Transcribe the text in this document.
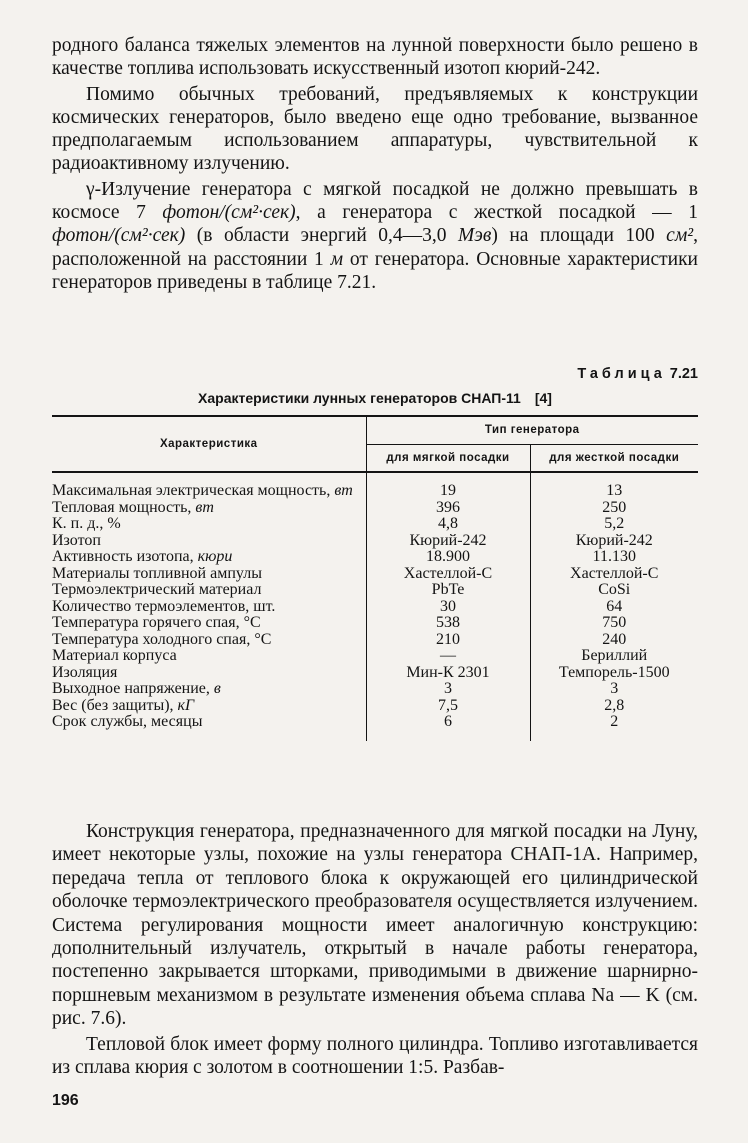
родного баланса тяжелых элементов на лунной поверхности было решено в качестве топлива использовать искусственный изотоп кюрий-242.

Помимо обычных требований, предъявляемых к конструкции космических генераторов, было введено еще одно требование, вызванное предполагаемым использованием аппаратуры, чувствительной к радиоактивному излучению.

γ-Излучение генератора с мягкой посадкой не должно превышать в космосе 7 фотон/(см²·сек), а генератора с жесткой посадкой — 1 фотон/(см²·сек) (в области энергий 0,4—3,0 Мэв) на площади 100 см², расположенной на расстоянии 1 м от генератора. Основные характеристики генераторов приведены в таблице 7.21.

Таблица 7.21
Характеристики лунных генераторов СНАП-11 [4]
Характеристика	Тип генератора	
	для мягкой посадки	для жесткой посадки
Максимальная электрическая мощность, вт	19	13
Тепловая мощность, вт	396	250
К. п. д., %	4,8	5,2
Изотоп	Кюрий-242	Кюрий-242
Активность изотопа, кюри	18.900	11.130
Материалы топливной ампулы	Хастеллой-С	Хастеллой-С
Термоэлектрический материал	PbTe	CoSi
Количество термоэлементов, шт.	30	64
Температура горячего спая, °С	538	750
Температура холодного спая, °С	210	240
Материал корпуса	—	Бериллий
Изоляция	Мин-К 2301	Темпорель-1500
Выходное напряжение, в	3	3
Вес (без защиты), кГ	7,5	2,8
Срок службы, месяцы	6	2

Конструкция генератора, предназначенного для мягкой посадки на Луну, имеет некоторые узлы, похожие на узлы генератора СНАП-1А. Например, передача тепла от теплового блока к окружающей его цилиндрической оболочке термоэлектрического преобразователя осуществляется излучением. Система регулирования мощности имеет аналогичную конструкцию: дополнительный излучатель, открытый в начале работы генератора, постепенно закрывается шторками, приводимыми в движение шарнирно-поршневым механизмом в результате изменения объема сплава Na — K (см. рис. 7.6).

Тепловой блок имеет форму полного цилиндра. Топливо изготавливается из сплава кюрия с золотом в соотношении 1:5. Разбав-

196
